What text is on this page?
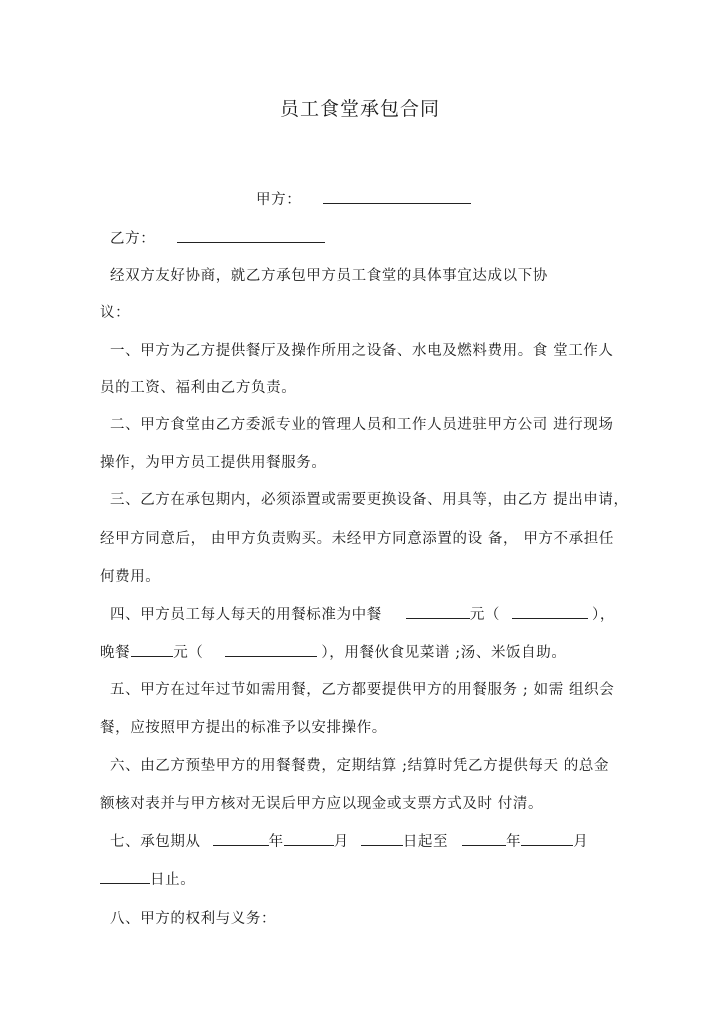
员工食堂承包合同
甲方：
乙方：
经双方友好协商，就乙方承包甲方员工食堂的具体事宜达成以下协
议：
一、甲方为乙方提供餐厅及操作所用之设备、水电及燃料费用。食 堂工作人
员的工资、福利由乙方负责。
二、甲方食堂由乙方委派专业的管理人员和工作人员进驻甲方公司 进行现场
操作，为甲方员工提供用餐服务。
三、乙方在承包期内，必须添置或需要更换设备、用具等，由乙方 提出申请，
经甲方同意后， 由甲方负责购买。未经甲方同意添置的设 备， 甲方不承担任
何费用。
四、甲方员工每人每天的用餐标准为中餐	元（	），
晚餐	元（	），用餐伙食见菜谱 ;汤、米饭自助。
五、甲方在过年过节如需用餐，乙方都要提供甲方的用餐服务 ; 如需 组织会
餐，应按照甲方提出的标准予以安排操作。
六、由乙方预垫甲方的用餐餐费，定期结算 ;结算时凭乙方提供每天 的总金
额核对表并与甲方核对无误后甲方应以现金或支票方式及时 付清。
七、承包期从	年	月	日起至	年	月
日止。
八、甲方的权利与义务：
